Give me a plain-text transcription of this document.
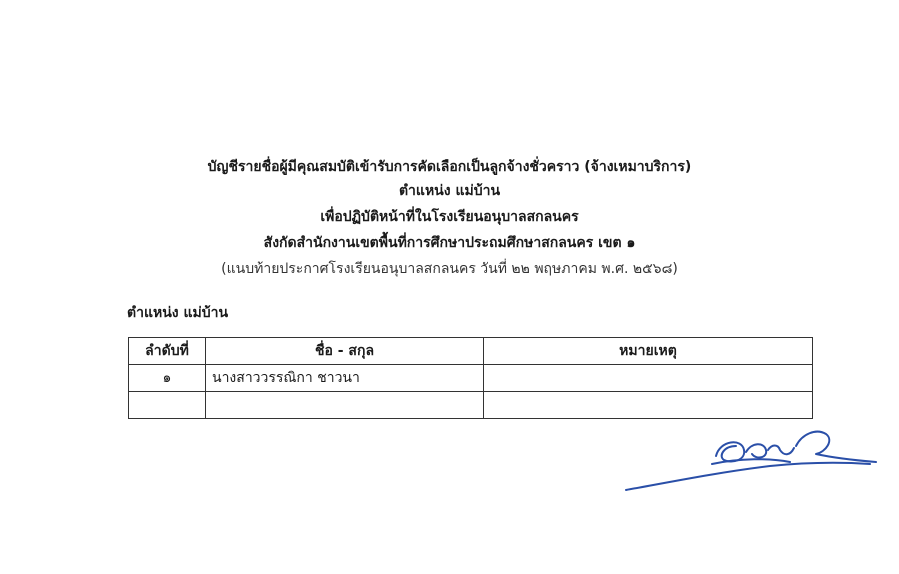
บัญชีรายชื่อผู้มีคุณสมบัติเข้ารับการคัดเลือกเป็นลูกจ้างชั่วคราว (จ้างเหมาบริการ)
ตำแหน่ง แม่บ้าน
เพื่อปฏิบัติหน้าที่ในโรงเรียนอนุบาลสกลนคร
สังกัดสำนักงานเขตพื้นที่การศึกษาประถมศึกษาสกลนคร เขต ๑
(แนบท้ายประกาศโรงเรียนอนุบาลสกลนคร วันที่ ๒๒ พฤษภาคม พ.ศ. ๒๕๖๘)
ตำแหน่ง แม่บ้าน
ลำดับที่	ชื่อ - สกุล	หมายเหตุ
๑	นางสาววรรณิกา ชาวนา	
